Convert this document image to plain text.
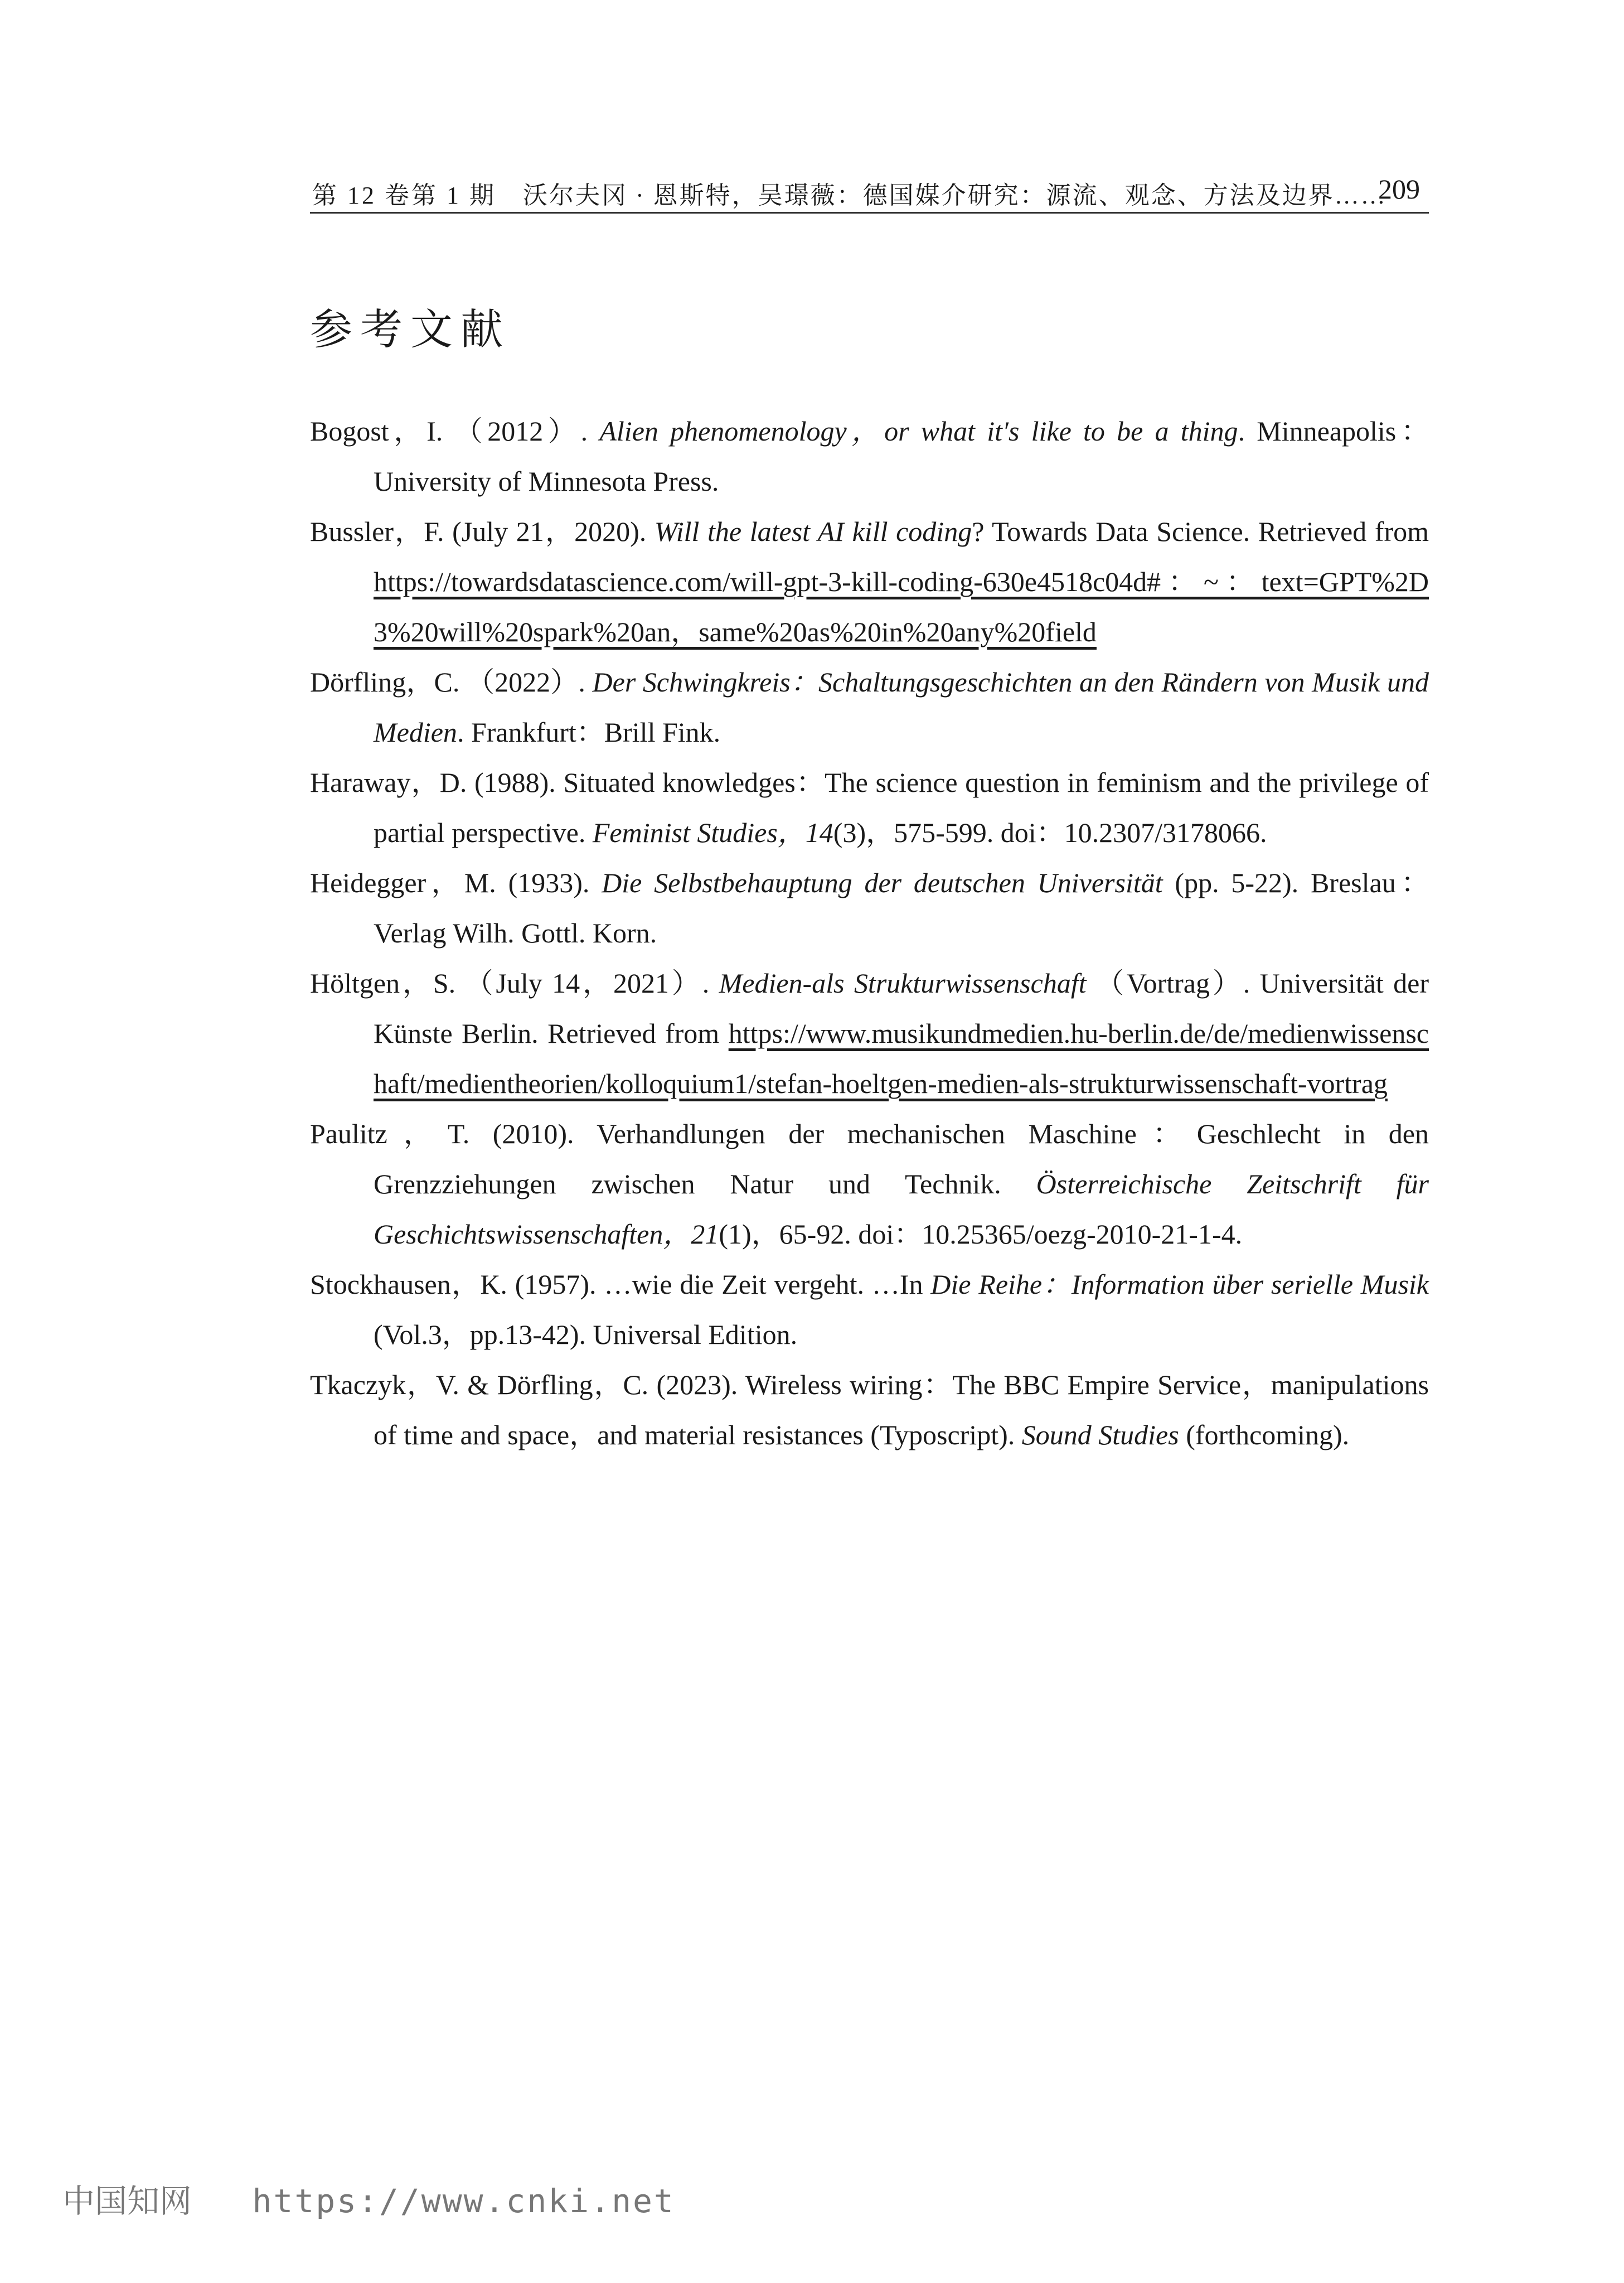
第 12 卷第 1 期 沃尔夫冈 · 恩斯特，吴璟薇：德国媒介研究：源流、观念、方法及边界……
209
参考文献
Bogost，I. （2012）. Alien phenomenology，or what it′s like to be a thing. Minneapolis：University of Minnesota Press.
Bussler，F. (July 21，2020). Will the latest AI kill coding? Towards Data Science. Retrieved from https://towardsdatascience.com/will-gpt-3-kill-coding-630e4518c04d#：~：text=GPT%2D3%20will%20spark%20an，same%20as%20in%20any%20field
Dörfling，C. （2022）. Der Schwingkreis：Schaltungsgeschichten an den Rändern von Musik und Medien. Frankfurt：Brill Fink.
Haraway，D. (1988). Situated knowledges：The science question in feminism and the privilege of partial perspective. Feminist Studies，14(3)，575-599. doi：10.2307/3178066.
Heidegger，M. (1933). Die Selbstbehauptung der deutschen Universität (pp. 5-22). Breslau：Verlag Wilh. Gottl. Korn.
Höltgen，S. （July 14，2021）. Medien-als Strukturwissenschaft （Vortrag）. Universität der Künste Berlin. Retrieved from https://www.musikundmedien.hu-berlin.de/de/medienwissenschaft/medientheorien/kolloquium1/stefan-hoeltgen-medien-als-strukturwissenschaft-vortrag
Paulitz，T. (2010). Verhandlungen der mechanischen Maschine：Geschlecht in den Grenzziehungen zwischen Natur und Technik. Österreichische Zeitschrift für Geschichtswissenschaften，21(1)，65-92. doi：10.25365/oezg-2010-21-1-4.
Stockhausen，K. (1957). …wie die Zeit vergeht. …In Die Reihe：Information über serielle Musik (Vol.3，pp.13-42). Universal Edition.
Tkaczyk，V. & Dörfling，C. (2023). Wireless wiring：The BBC Empire Service，manipulations of time and space，and material resistances (Typoscript). Sound Studies (forthcoming).
中国知网 https://www.cnki.net
